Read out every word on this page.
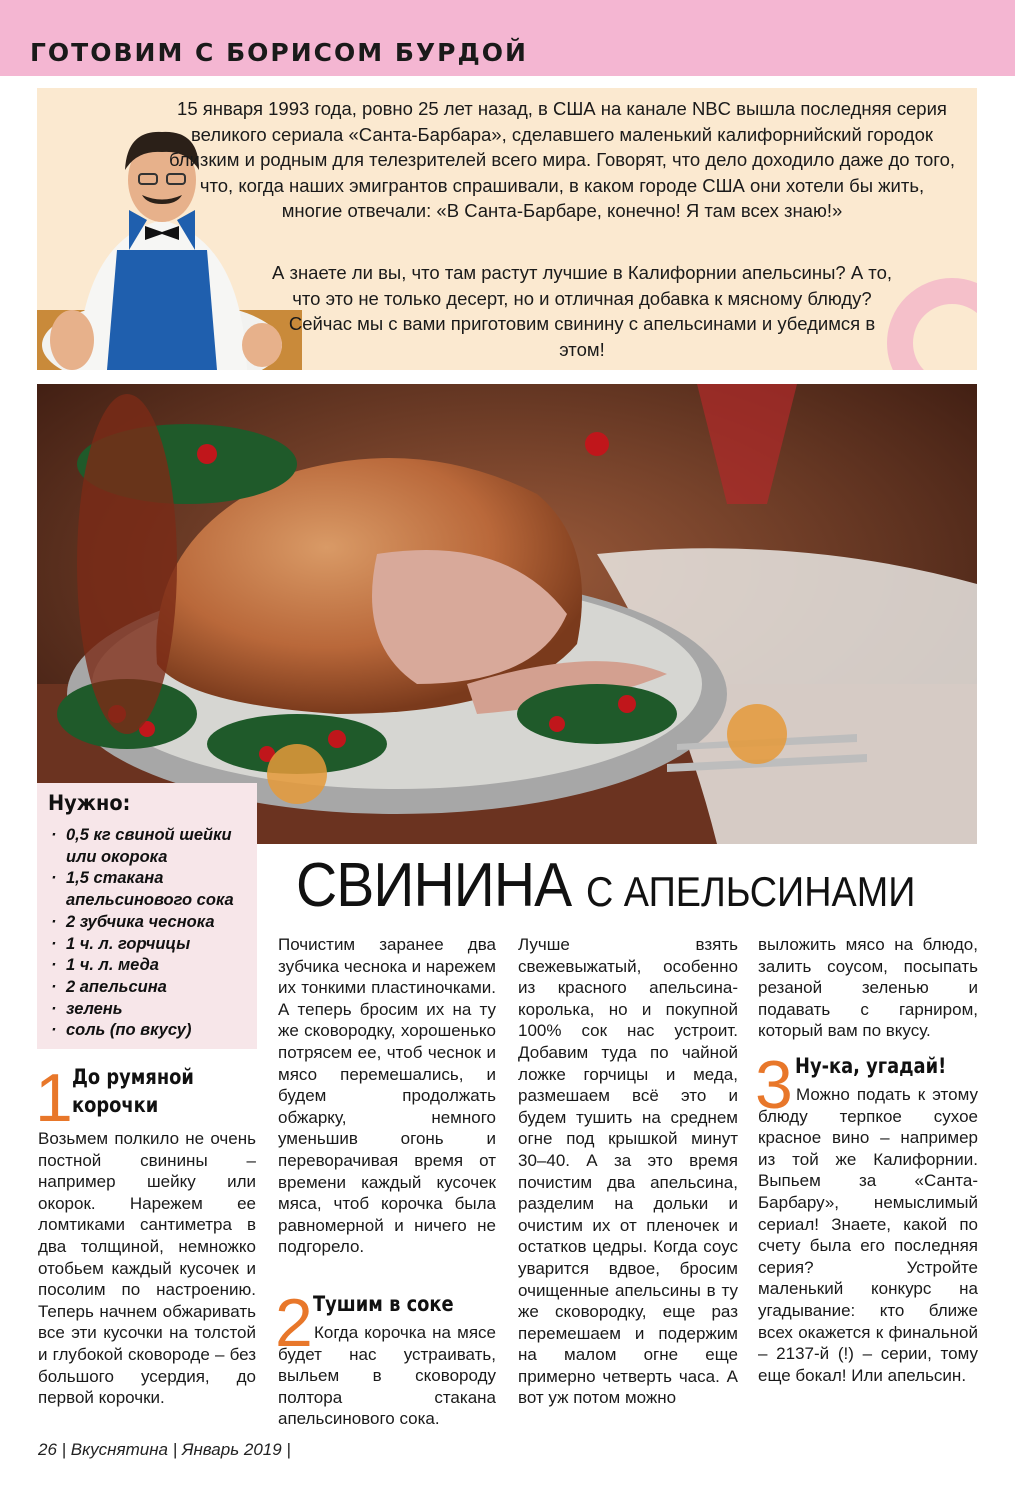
ГОТОВИМ С БОРИСОМ БУРДОЙ

15 января 1993 года, ровно 25 лет назад, в США на канале NBC вышла последняя серия великого сериала «Санта-Барбара», сделавшего маленький калифорнийский городок близким и родным для телезрителей всего мира. Говорят, что дело доходило даже до того, что, когда наших эмигрантов спрашивали, в каком городе США они хотели бы жить, многие отвечали: «В Санта-Барбаре, конечно! Я там всех знаю!»

А знаете ли вы, что там растут лучшие в Калифорнии апельсины? А то, что это не только десерт, но и отличная добавка к мясному блюду? Сейчас мы с вами приготовим свинину с апельсинами и убедимся в этом!

Нужно:
· 0,5 кг свиной шейки или окорока
· 1,5 стакана апельсинового сока
· 2 зубчика чеснока
· 1 ч. л. горчицы
· 1 ч. л. меда
· 2 апельсина
· зелень
· соль (по вкусу)
СВИНИНА С АПЕЛЬСИНАМИ
1 До румяной
корочки

Возьмем полкило не очень постной свинины – например шейку или окорок. Нарежем ее ломтиками сантиметра в два толщиной, немножко отобьем каждый кусочек и посолим по настроению. Теперь начнем обжаривать все эти кусочки на толстой и глубокой сковороде – без большого усердия, до первой корочки.

Почистим заранее два зубчика чеснока и нарежем их тонкими пластиночками. А теперь бросим их на ту же сковородку, хорошенько потрясем ее, чтоб чеснок и мясо перемешались, и будем продолжать обжарку, немного уменьшив огонь и переворачивая время от времени каждый кусочек мяса, чтоб корочка была равномерной и ничего не подгорело.

2 Тушим в соке

Когда корочка на мясе будет нас устраивать, выльем в сковороду полтора стакана апельсинового сока.

Лучше взять свежевыжатый, особенно из красного апельсина-королька, но и покупной 100% сок нас устроит. Добавим туда по чайной ложке горчицы и меда, размешаем всё это и будем тушить на среднем огне под крышкой минут 30–40. А за это время почистим два апельсина, разделим на дольки и очистим их от пленочек и остатков цедры. Когда соус уварится вдвое, бросим очищенные апельсины в ту же сковородку, еще раз перемешаем и подержим на малом огне еще примерно четверть часа. А вот уж потом можно

выложить мясо на блюдо, залить соусом, посыпать резаной зеленью и подавать с гарниром, который вам по вкусу.

3 Ну-ка, угадай!

Можно подать к этому блюду терпкое сухое красное вино – например из той же Калифорнии. Выпьем за «Санта-Барбару», немыслимый сериал! Знаете, какой по счету была его последняя серия? Устройте маленький конкурс на угадывание: кто ближе всех окажется к финальной – 2137-й (!) – серии, тому еще бокал! Или апельсин.

26 | Вкуснятина | Январь 2019 |
